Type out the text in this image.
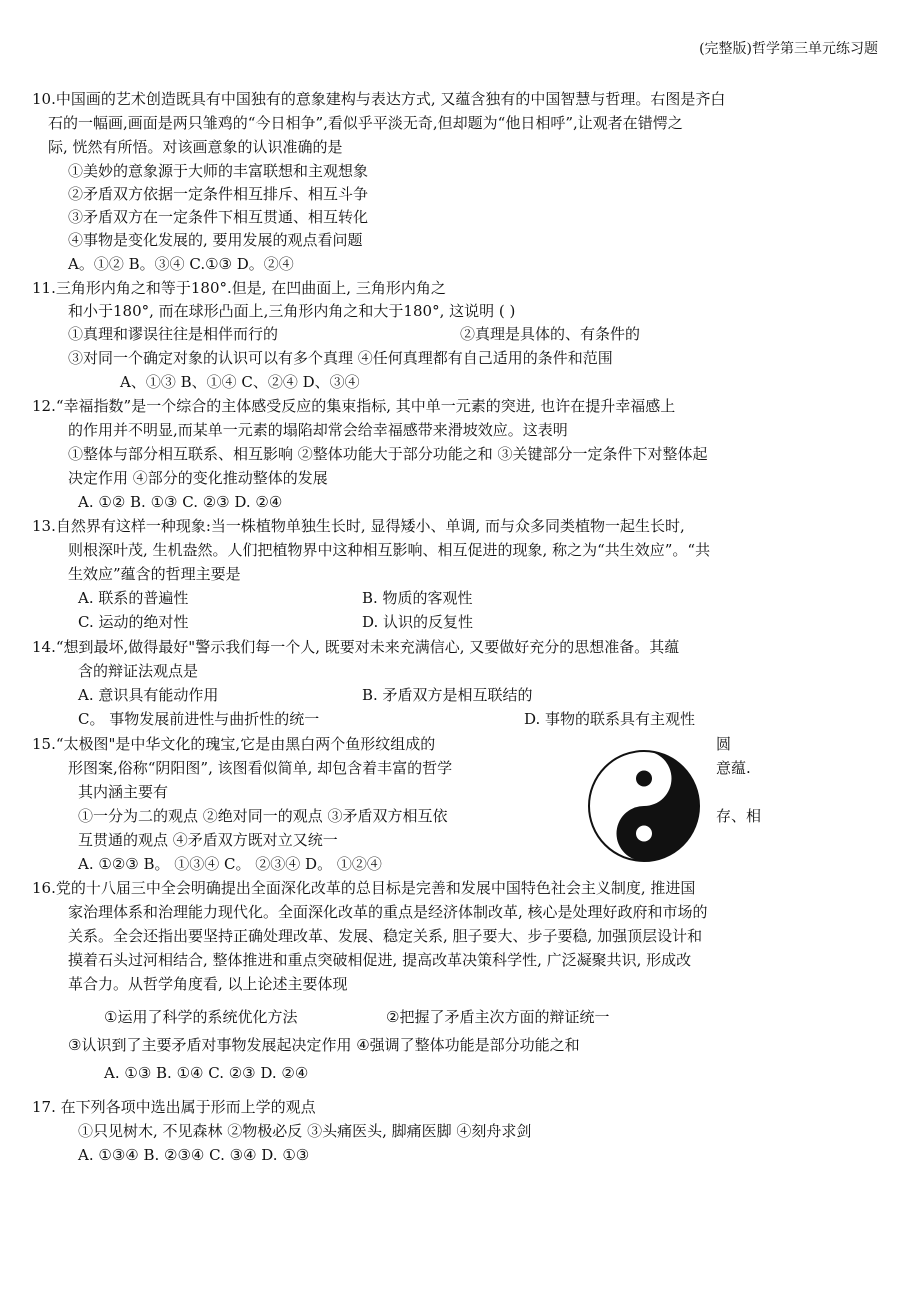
(完整版)哲学第三单元练习题
10.中国画的艺术创造既具有中国独有的意象建构与表达方式, 又蕴含独有的中国智慧与哲理。右图是齐白
石的一幅画,画面是两只雏鸡的“今日相争”,看似乎平淡无奇,但却题为“他日相呼”,让观者在错愕之
际, 恍然有所悟。对该画意象的认识准确的是
①美妙的意象源于大师的丰富联想和主观想象
②矛盾双方依据一定条件相互排斥、相互斗争
③矛盾双方在一定条件下相互贯通、相互转化
④事物是变化发展的, 要用发展的观点看问题
A。①② B。③④ C.①③ D。②④
11.三角形内角之和等于180°.但是, 在凹曲面上, 三角形内角之
和小于180°, 而在球形凸面上,三角形内角之和大于180°, 这说明 ( )
①真理和谬误往往是相伴而行的	②真理是具体的、有条件的
③对同一个确定对象的认识可以有多个真理 ④任何真理都有自己适用的条件和范围
A、①③ B、①④ C、②④ D、③④
12.“幸福指数”是一个综合的主体感受反应的集束指标, 其中单一元素的突进, 也许在提升幸福感上
的作用并不明显,而某单一元素的塌陷却常会给幸福感带来滑坡效应。这表明
①整体与部分相互联系、相互影响 ②整体功能大于部分功能之和 ③关键部分一定条件下对整体起
决定作用 ④部分的变化推动整体的发展
A. ①② B. ①③ C. ②③ D. ②④
13.自然界有这样一种现象:当一株植物单独生长时, 显得矮小、单调, 而与众多同类植物一起生长时,
则根深叶茂, 生机盎然。人们把植物界中这种相互影响、相互促进的现象, 称之为“共生效应”。“共
生效应”蕴含的哲理主要是
A. 联系的普遍性	B. 物质的客观性
C. 运动的绝对性	D. 认识的反复性
14.“想到最坏,做得最好"警示我们每一个人, 既要对未来充满信心, 又要做好充分的思想准备。其蕴
含的辩证法观点是
A. 意识具有能动作用	B. 矛盾双方是相互联结的
C。 事物发展前进性与曲折性的统一	D. 事物的联系具有主观性
15.“太极图"是中华文化的瑰宝,它是由黑白两个鱼形纹组成的	圆
形图案,俗称“阴阳图”, 该图看似简单, 却包含着丰富的哲学	意蕴.
其内涵主要有
①一分为二的观点 ②绝对同一的观点 ③矛盾双方相互依	存、相
互贯通的观点 ④矛盾双方既对立又统一
A. ①②③ B。 ①③④ C。 ②③④ D。 ①②④
16.党的十八届三中全会明确提出全面深化改革的总目标是完善和发展中国特色社会主义制度, 推进国
家治理体系和治理能力现代化。全面深化改革的重点是经济体制改革, 核心是处理好政府和市场的
关系。全会还指出要坚持正确处理改革、发展、稳定关系, 胆子要大、步子要稳, 加强顶层设计和
摸着石头过河相结合, 整体推进和重点突破相促进, 提高改革决策科学性, 广泛凝聚共识, 形成改
革合力。从哲学角度看, 以上论述主要体现
①运用了科学的系统优化方法	②把握了矛盾主次方面的辩证统一
③认识到了主要矛盾对事物发展起决定作用 ④强调了整体功能是部分功能之和
A. ①③ B. ①④ C. ②③ D. ②④
17. 在下列各项中选出属于形而上学的观点
①只见树木, 不见森林 ②物极必反 ③头痛医头, 脚痛医脚 ④刻舟求剑
A. ①③④ B. ②③④ C. ③④ D. ①③
